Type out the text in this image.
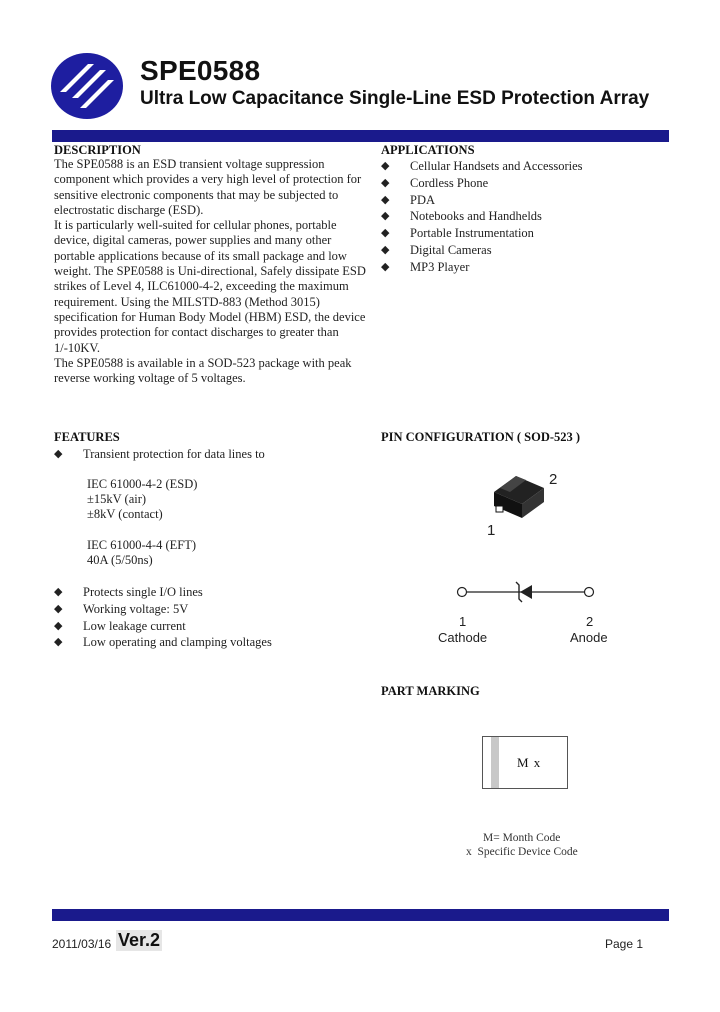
SPE0588
Ultra Low Capacitance Single-Line ESD Protection Array
DESCRIPTION

The SPE0588 is an ESD transient voltage suppression component which provides a very high level of protection for sensitive electronic components that may be subjected to electrostatic discharge (ESD).

It is particularly well-suited for cellular phones, portable device, digital cameras, power supplies and many other portable applications because of its small package and low weight. The SPE0588 is Uni-directional, Safely dissipate ESD strikes of Level 4, ILC61000-4-2, exceeding the maximum requirement. Using the MILSTD-883 (Method 3015) specification for Human Body Model (HBM) ESD, the device provides protection for contact discharges to greater than 1/-10KV.

The SPE0588 is available in a SOD-523 package with peak reverse working voltage of 5 voltages.

APPLICATIONS
◆ Cellular Handsets and Accessories
◆ Cordless Phone
◆ PDA
◆ Notebooks and Handhelds
◆ Portable Instrumentation
◆ Digital Cameras
◆ MP3 Player
FEATURES
◆ Transient protection for data lines to
IEC 61000-4-2 (ESD)
±15kV (air)
±8kV (contact)
IEC 61000-4-4 (EFT)
40A (5/50ns)
◆ Protects single I/O lines
◆ Working voltage: 5V
◆ Low leakage current
◆ Low operating and clamping voltages
PIN CONFIGURATION ( SOD-523 )
2
1
1
Cathode
2
Anode
PART MARKING
M x
M= Month Code
x  Specific Device Code
2011/03/16 Ver.2	Page 1
